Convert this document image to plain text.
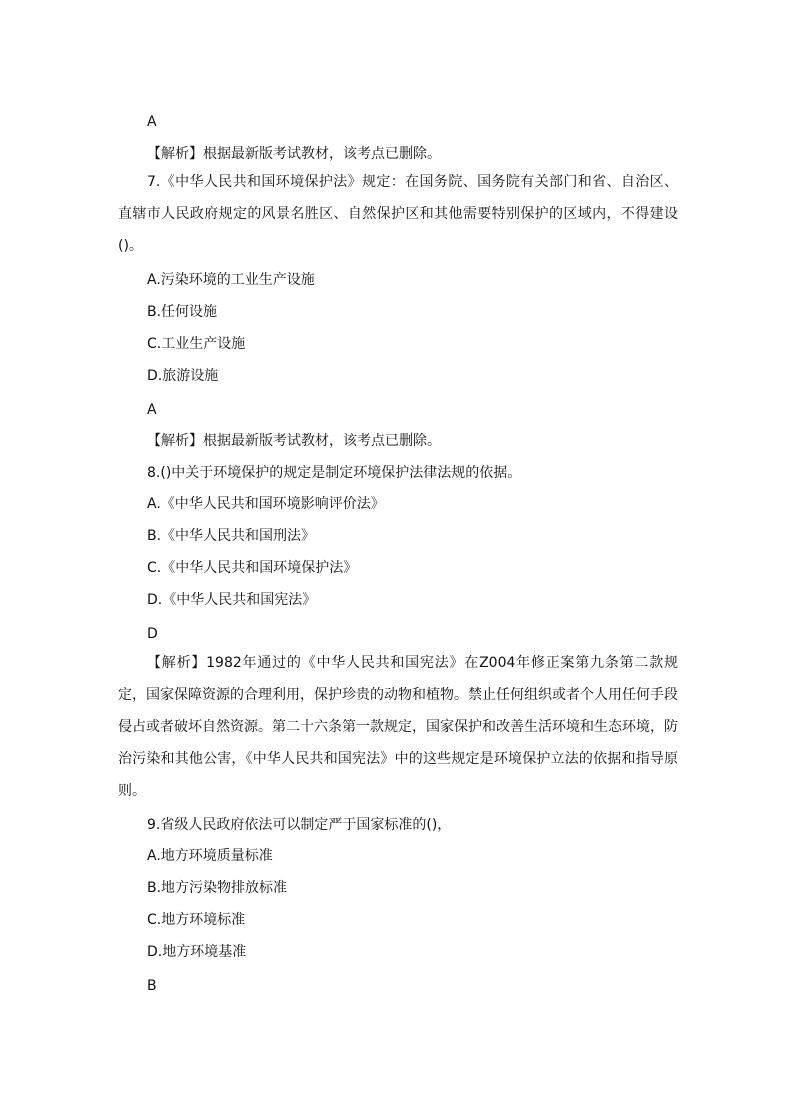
A
【解析】根据最新版考试教材，该考点已删除。
7.《中华人民共和国环境保护法》规定：在国务院、国务院有关部门和省、自治区、直辖市人民政府规定的风景名胜区、自然保护区和其他需要特别保护的区域内，不得建设()。
A.污染环境的工业生产设施
B.任何设施
C.工业生产设施
D.旅游设施
A
【解析】根据最新版考试教材，该考点已删除。
8.()中关于环境保护的规定是制定环境保护法律法规的依据。
A.《中华人民共和国环境影响评价法》
B.《中华人民共和国刑法》
C.《中华人民共和国环境保护法》
D.《中华人民共和国宪法》
D
【解析】1982年通过的《中华人民共和国宪法》在Z004年修正案第九条第二款规定，国家保障资源的合理利用，保护珍贵的动物和植物。禁止任何组织或者个人用任何手段侵占或者破坏自然资源。第二十六条第一款规定，国家保护和改善生活环境和生态环境，防治污染和其他公害，《中华人民共和国宪法》中的这些规定是环境保护立法的依据和指导原则。
9.省级人民政府依法可以制定严于国家标准的()，
A.地方环境质量标准
B.地方污染物排放标准
C.地方环境标准
D.地方环境基准
B
